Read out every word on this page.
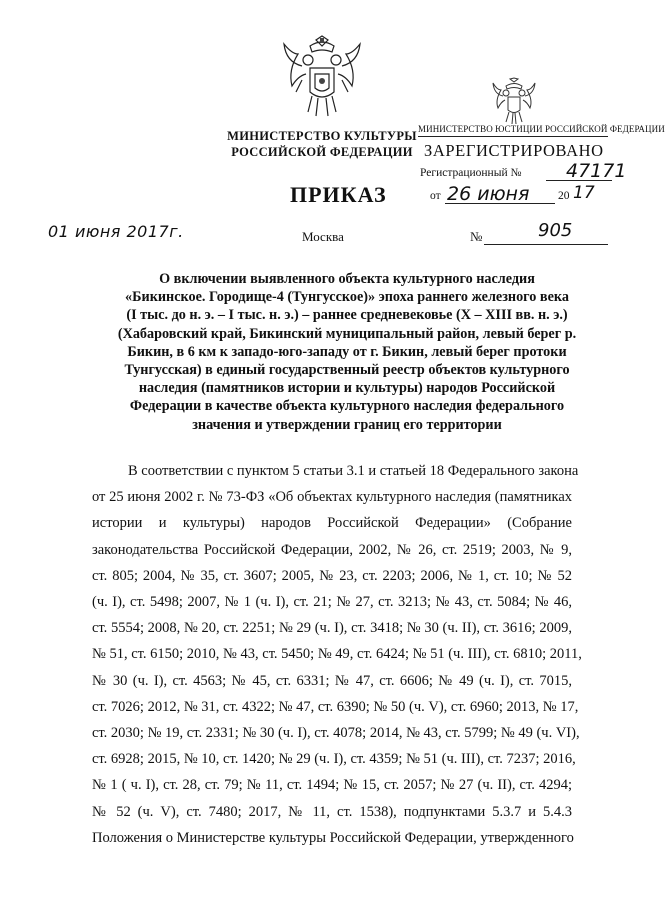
МИНИСТЕРСТВО КУЛЬТУРЫ
РОССИЙСКОЙ ФЕДЕРАЦИИ
МИНИСТЕРСТВО ЮСТИЦИИ РОССИЙСКОЙ ФЕДЕРАЦИИ
ЗАРЕГИСТРИРОВАНО
Регистрационный № 47171
от 26 июня 20 17
ПРИКАЗ
01 июня 2017г.	Москва	№	905
О включении выявленного объекта культурного наследия
«Бикинское. Городище-4 (Тунгусское)» эпоха раннего железного века
(I тыс. до н. э. – I тыс. н. э.) – раннее средневековье (X – XIII вв. н. э.)
(Хабаровский край, Бикинский муниципальный район, левый берег р.
Бикин, в 6 км к западо-юго-западу от г. Бикин, левый берег протоки
Тунгусская) в единый государственный реестр объектов культурного
наследия (памятников истории и культуры) народов Российской
Федерации в качестве объекта культурного наследия федерального
значения и утверждении границ его территории
В соответствии с пунктом 5 статьи 3.1 и статьей 18 Федерального закона
от 25 июня 2002 г. № 73-ФЗ «Об объектах культурного наследия (памятниках
истории и культуры) народов Российской Федерации» (Собрание
законодательства Российской Федерации, 2002, № 26, ст. 2519; 2003, № 9,
ст. 805; 2004, № 35, ст. 3607; 2005, № 23, ст. 2203; 2006, № 1, ст. 10; № 52
(ч. I), ст. 5498; 2007, № 1 (ч. I), ст. 21; № 27, ст. 3213; № 43, ст. 5084; № 46,
ст. 5554; 2008, № 20, ст. 2251; № 29 (ч. I), ст. 3418; № 30 (ч. II), ст. 3616; 2009,
№ 51, ст. 6150; 2010, № 43, ст. 5450; № 49, ст. 6424; № 51 (ч. III), ст. 6810; 2011,
№ 30 (ч. I), ст. 4563; № 45, ст. 6331; № 47, ст. 6606; № 49 (ч. I), ст. 7015,
ст. 7026; 2012, № 31, ст. 4322; № 47, ст. 6390; № 50 (ч. V), ст. 6960; 2013, № 17,
ст. 2030; № 19, ст. 2331; № 30 (ч. I), ст. 4078; 2014, № 43, ст. 5799; № 49 (ч. VI),
ст. 6928; 2015, № 10, ст. 1420; № 29 (ч. I), ст. 4359; № 51 (ч. III), ст. 7237; 2016,
№ 1 ( ч. I), ст. 28, ст. 79; № 11, ст. 1494; № 15, ст. 2057; № 27 (ч. II), ст. 4294;
№ 52 (ч. V), ст. 7480; 2017, № 11, ст. 1538), подпунктами 5.3.7 и 5.4.3
Положения о Министерстве культуры Российской Федерации, утвержденного
